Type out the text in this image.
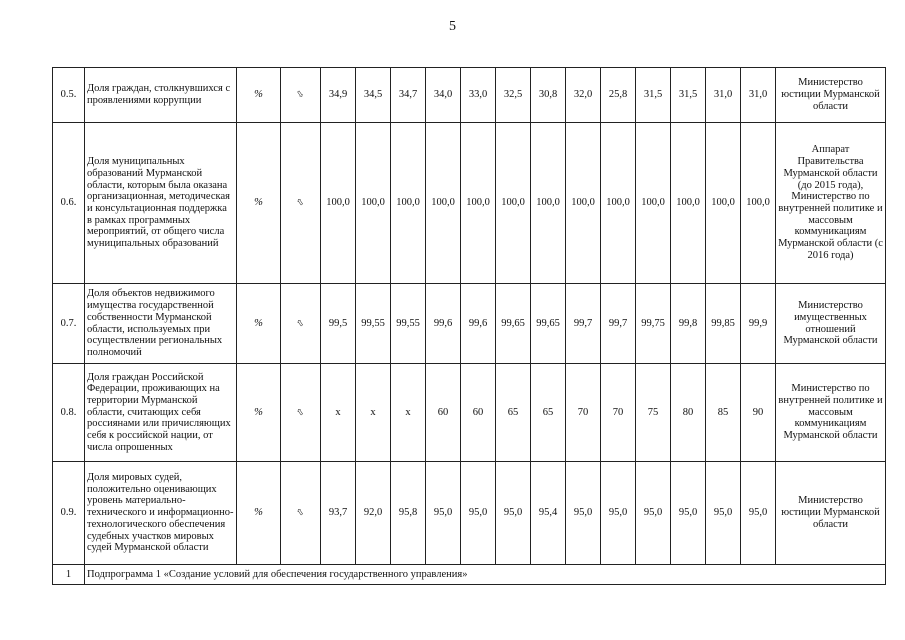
5
0.5.	Доля граждан, столкнувшихся с проявлениями коррупции	%	⇩	34,9	34,5	34,7	34,0	33,0	32,5	30,8	32,0	25,8	31,5	31,5	31,0	31,0	Министерство юстиции Мурманской области
0.6.	Доля муниципальных образований Мурманской области, которым была оказана организационная, методическая и консультационная поддержка в рамках программных мероприятий, от общего числа муниципальных образований	%	⇧	100,0	100,0	100,0	100,0	100,0	100,0	100,0	100,0	100,0	100,0	100,0	100,0	100,0	Аппарат Правительства Мурманской области (до 2015 года), Министерство по внутренней политике и массовым коммуникациям Мурманской области (с 2016 года)
0.7.	Доля объектов недвижимого имущества государственной собственности Мурманской области, используемых при осуществлении региональных полномочий	%	⇧	99,5	99,55	99,55	99,6	99,6	99,65	99,65	99,7	99,7	99,75	99,8	99,85	99,9	Министерство имущественных отношений Мурманской области
0.8.	Доля граждан Российской Федерации, проживающих на территории Мурманской области, считающих себя россиянами или причисляющих себя к российской нации, от числа опрошенных	%	⇧	x	x	x	60	60	65	65	70	70	75	80	85	90	Министерство по внутренней политике и массовым коммуникациям Мурманской области
0.9.	Доля мировых судей, положительно оценивающих уровень материально-технического и информационно-технологического обеспечения судебных участков мировых судей Мурманской области	%	⇧	93,7	92,0	95,8	95,0	95,0	95,0	95,4	95,0	95,0	95,0	95,0	95,0	95,0	Министерство юстиции Мурманской области
1	Подпрограмма 1 «Создание условий для обеспечения государственного управления»																
